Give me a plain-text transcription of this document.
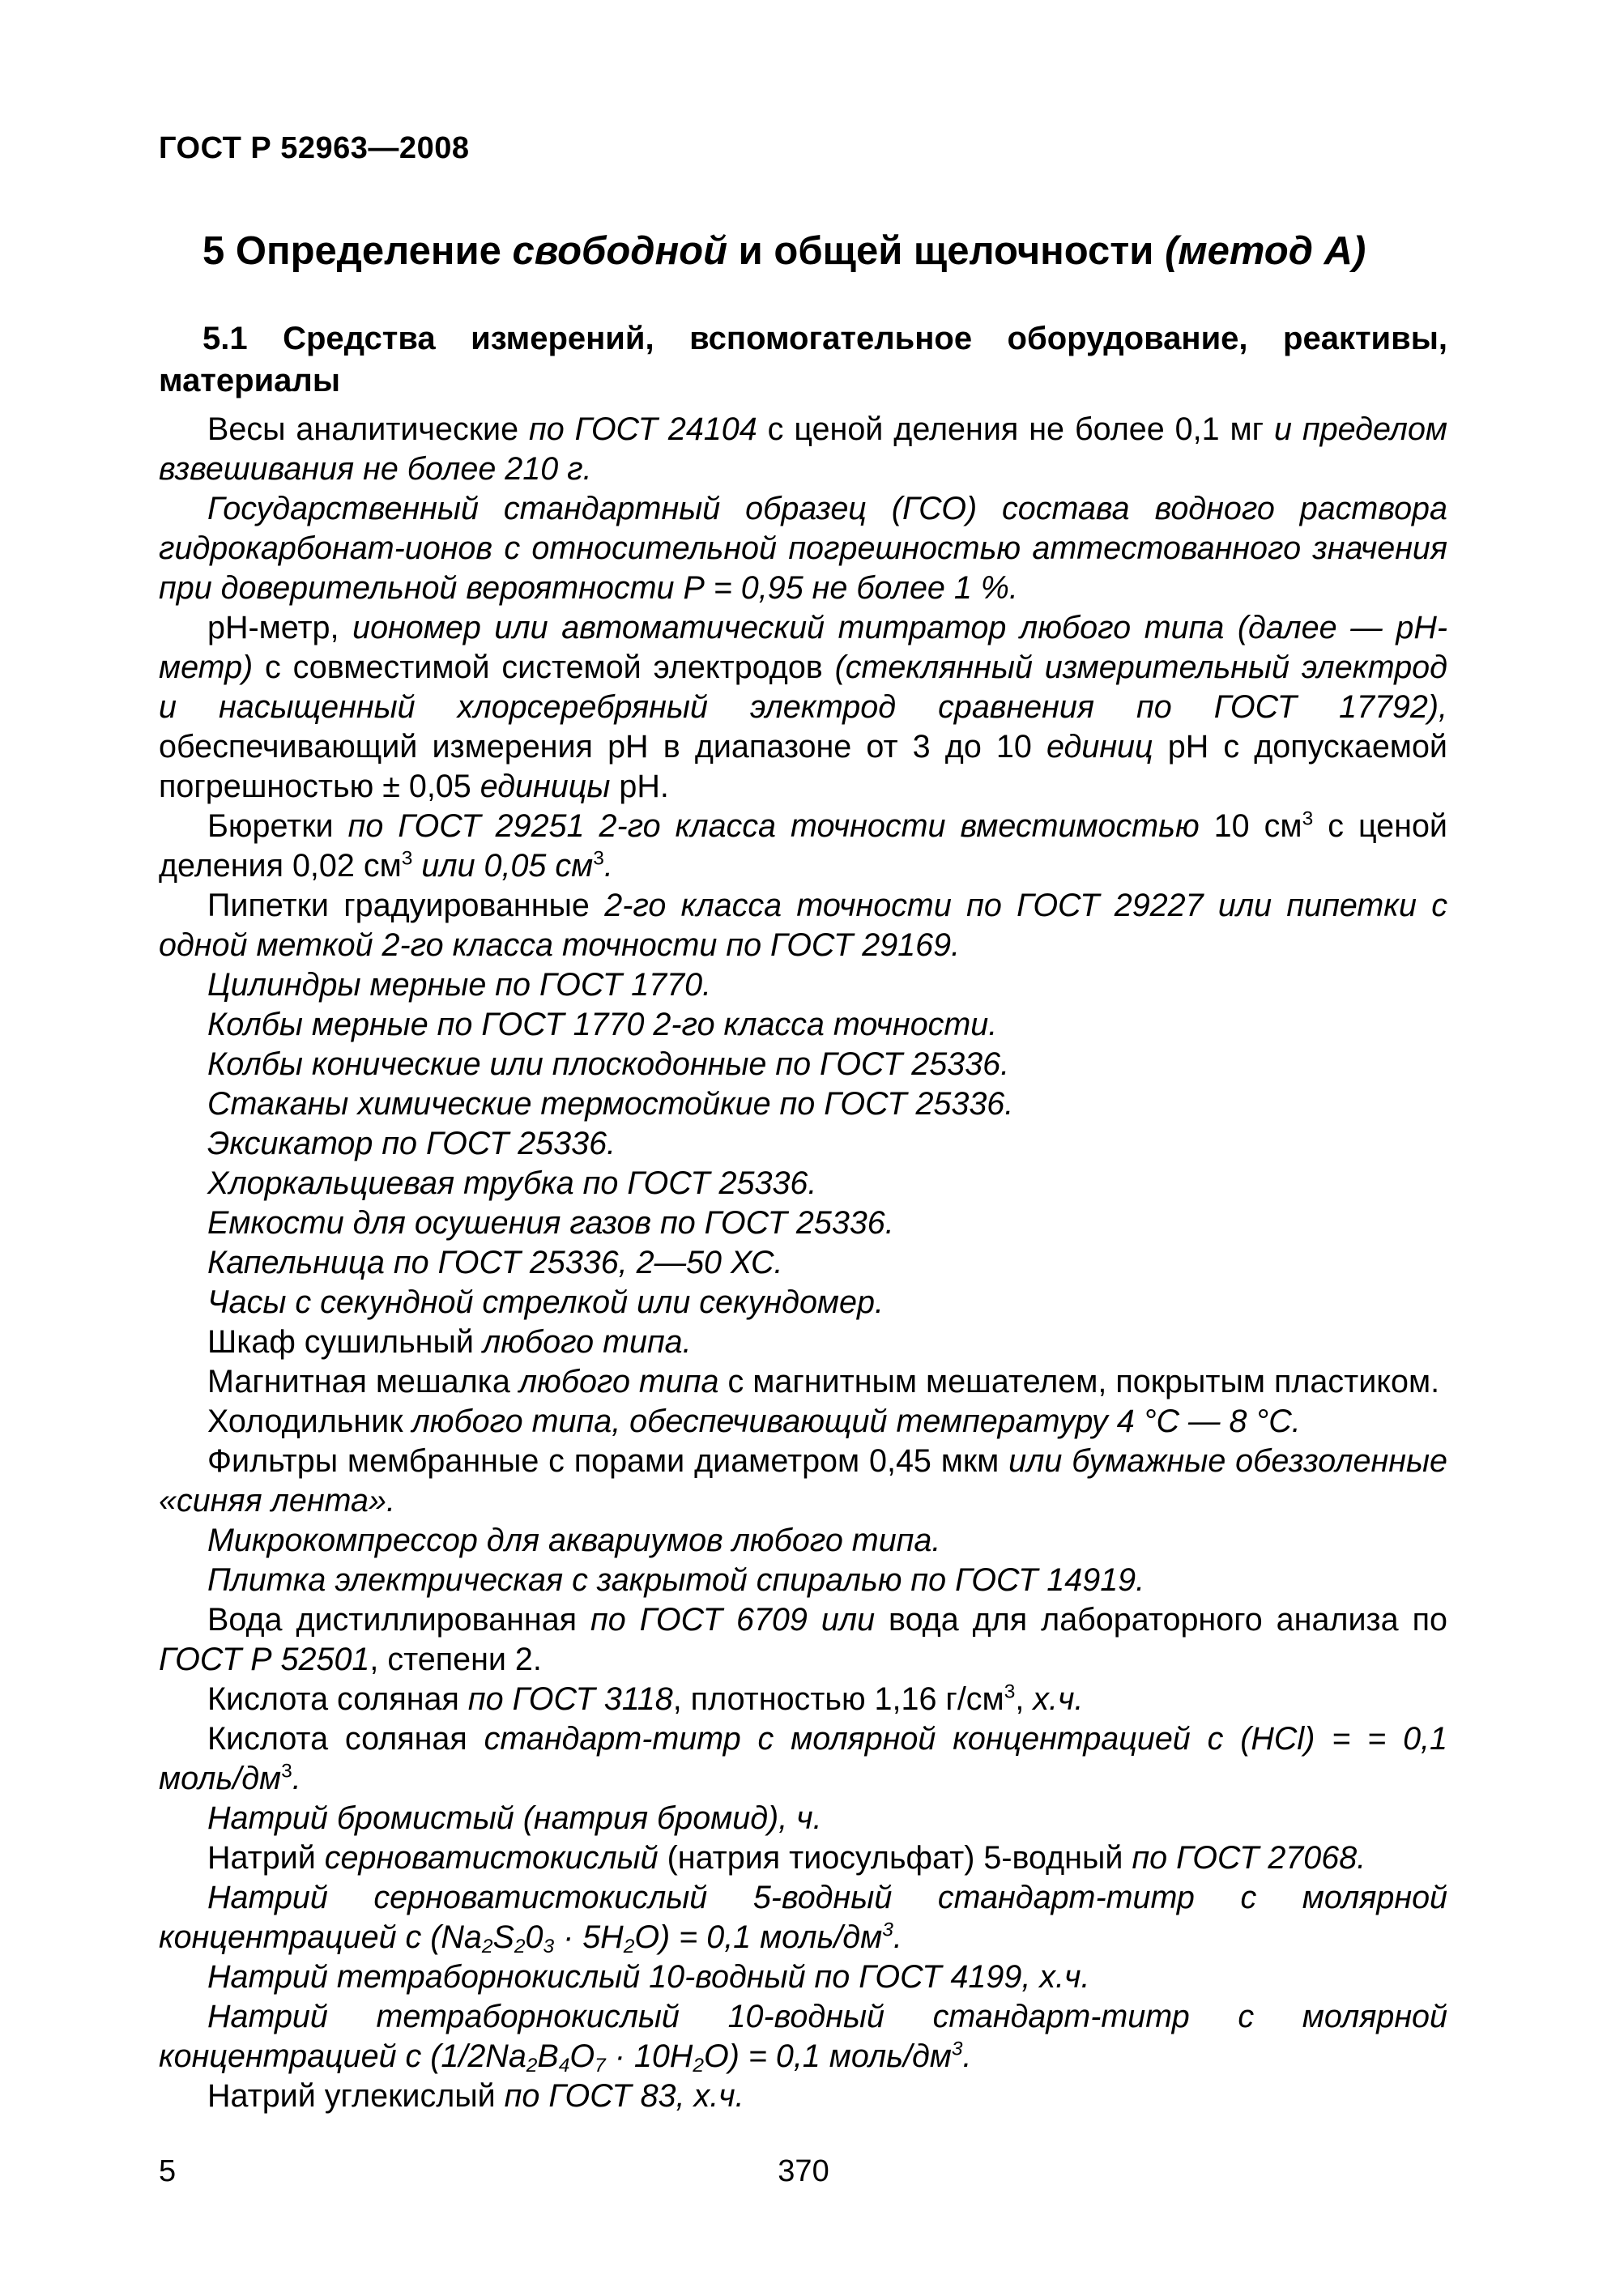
ГОСТ Р 52963—2008
5 Определение свободной и общей щелочности (метод А)
5.1 Средства измерений, вспомогательное оборудование, реактивы, материалы

Весы аналитические по ГОСТ 24104 с ценой деления не более 0,1 мг и пределом взвешивания не более 210 г.

Государственный стандартный образец (ГСО) состава водного раствора гидрокарбонат-ионов с относительной погрешностью аттестованного значения при доверительной вероятности Р = 0,95 не более 1 %.

pH-метр, иономер или автоматический титратор любого типа (далее — рН-метр) с совместимой системой электродов (стеклянный измерительный электрод и насыщенный хлорсеребряный электрод сравнения по ГОСТ 17792), обеспечивающий измерения pH в диапазоне от 3 до 10 единиц pH с допускаемой погрешностью ± 0,05 единицы pH.

Бюретки по ГОСТ 29251 2-го класса точности вместимостью 10 $см^3$ с ценой деления 0,02 $см^3$ или 0,05 $см^3$.

Пипетки градуированные 2-го класса точности по ГОСТ 29227 или пипетки с одной меткой 2-го класса точности по ГОСТ 29169.

Цилиндры мерные по ГОСТ 1770.

Колбы мерные по ГОСТ 1770 2-го класса точности.

Колбы конические или плоскодонные по ГОСТ 25336.

Стаканы химические термостойкие по ГОСТ 25336.

Эксикатор по ГОСТ 25336.

Хлоркальциевая трубка по ГОСТ 25336.

Емкости для осушения газов по ГОСТ 25336.

Капельница по ГОСТ 25336, 2—50 ХС.

Часы с секундной стрелкой или секундомер.

Шкаф сушильный любого типа.

Магнитная мешалка любого типа с магнитным мешателем, покрытым пластиком.

Холодильник любого типа, обеспечивающий температуру 4 °С — 8 °С.

Фильтры мембранные с порами диаметром 0,45 мкм или бумажные обеззоленные «синяя лента».

Микрокомпрессор для аквариумов любого типа.

Плитка электрическая с закрытой спиралью по ГОСТ 14919.

Вода дистиллированная по ГОСТ 6709 или вода для лабораторного анализа по ГОСТ Р 52501, степени 2.

Кислота соляная по ГОСТ 3118, плотностью 1,16 $г/см^3$, х.ч.

Кислота соляная стандарт-титр с молярной концентрацией с (HCl) = = 0,1 моль/$дм^3$.

Натрий бромистый (натрия бромид), ч.

Натрий серноватистокислый (натрия тиосульфат) 5-водный по ГОСТ 27068.

Натрий серноватистокислый 5-водный стандарт-титр с молярной концентрацией с $(Na_2S_20_3 \cdot 5H_2O) = 0,1$ моль/$дм^3$.

Натрий тетраборнокислый 10-водный по ГОСТ 4199, х.ч.

Натрий тетраборнокислый 10-водный стандарт-титр с молярной концентрацией с $(1/2Na_2B_4O_7 \cdot 10H_2O) = 0,1$ моль/$дм^3$.

Натрий углекислый по ГОСТ 83, х.ч.

5	370
